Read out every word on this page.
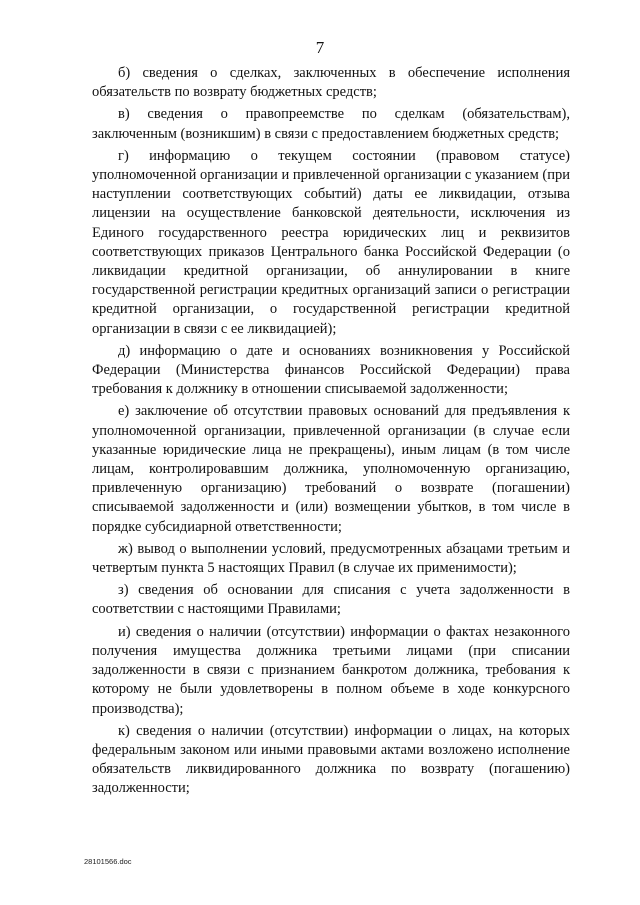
7

б) сведения о сделках, заключенных в обеспечение исполнения обязательств по возврату бюджетных средств;

в) сведения о правопреемстве по сделкам (обязательствам), заключенным (возникшим) в связи с предоставлением бюджетных средств;

г) информацию о текущем состоянии (правовом статусе) уполномоченной организации и привлеченной организации с указанием (при наступлении соответствующих событий) даты ее ликвидации, отзыва лицензии на осуществление банковской деятельности, исключения из Единого государственного реестра юридических лиц и реквизитов соответствующих приказов Центрального банка Российской Федерации (о ликвидации кредитной организации, об аннулировании в книге государственной регистрации кредитных организаций записи о регистрации кредитной организации, о государственной регистрации кредитной организации в связи с ее ликвидацией);

д) информацию о дате и основаниях возникновения у Российской Федерации (Министерства финансов Российской Федерации) права требования к должнику в отношении списываемой задолженности;

е) заключение об отсутствии правовых оснований для предъявления к уполномоченной организации, привлеченной организации (в случае если указанные юридические лица не прекращены), иным лицам (в том числе лицам, контролировавшим должника, уполномоченную организацию, привлеченную организацию) требований о возврате (погашении) списываемой задолженности и (или) возмещении убытков, в том числе в порядке субсидиарной ответственности;

ж) вывод о выполнении условий, предусмотренных абзацами третьим и четвертым пункта 5 настоящих Правил (в случае их применимости);

з) сведения об основании для списания с учета задолженности в соответствии с настоящими Правилами;

и) сведения о наличии (отсутствии) информации о фактах незаконного получения имущества должника третьими лицами (при списании задолженности в связи с признанием банкротом должника, требования к которому не были удовлетворены в полном объеме в ходе конкурсного производства);

к) сведения о наличии (отсутствии) информации о лицах, на которых федеральным законом или иными правовыми актами возложено исполнение обязательств ликвидированного должника по возврату (погашению) задолженности;

28101566.doc
